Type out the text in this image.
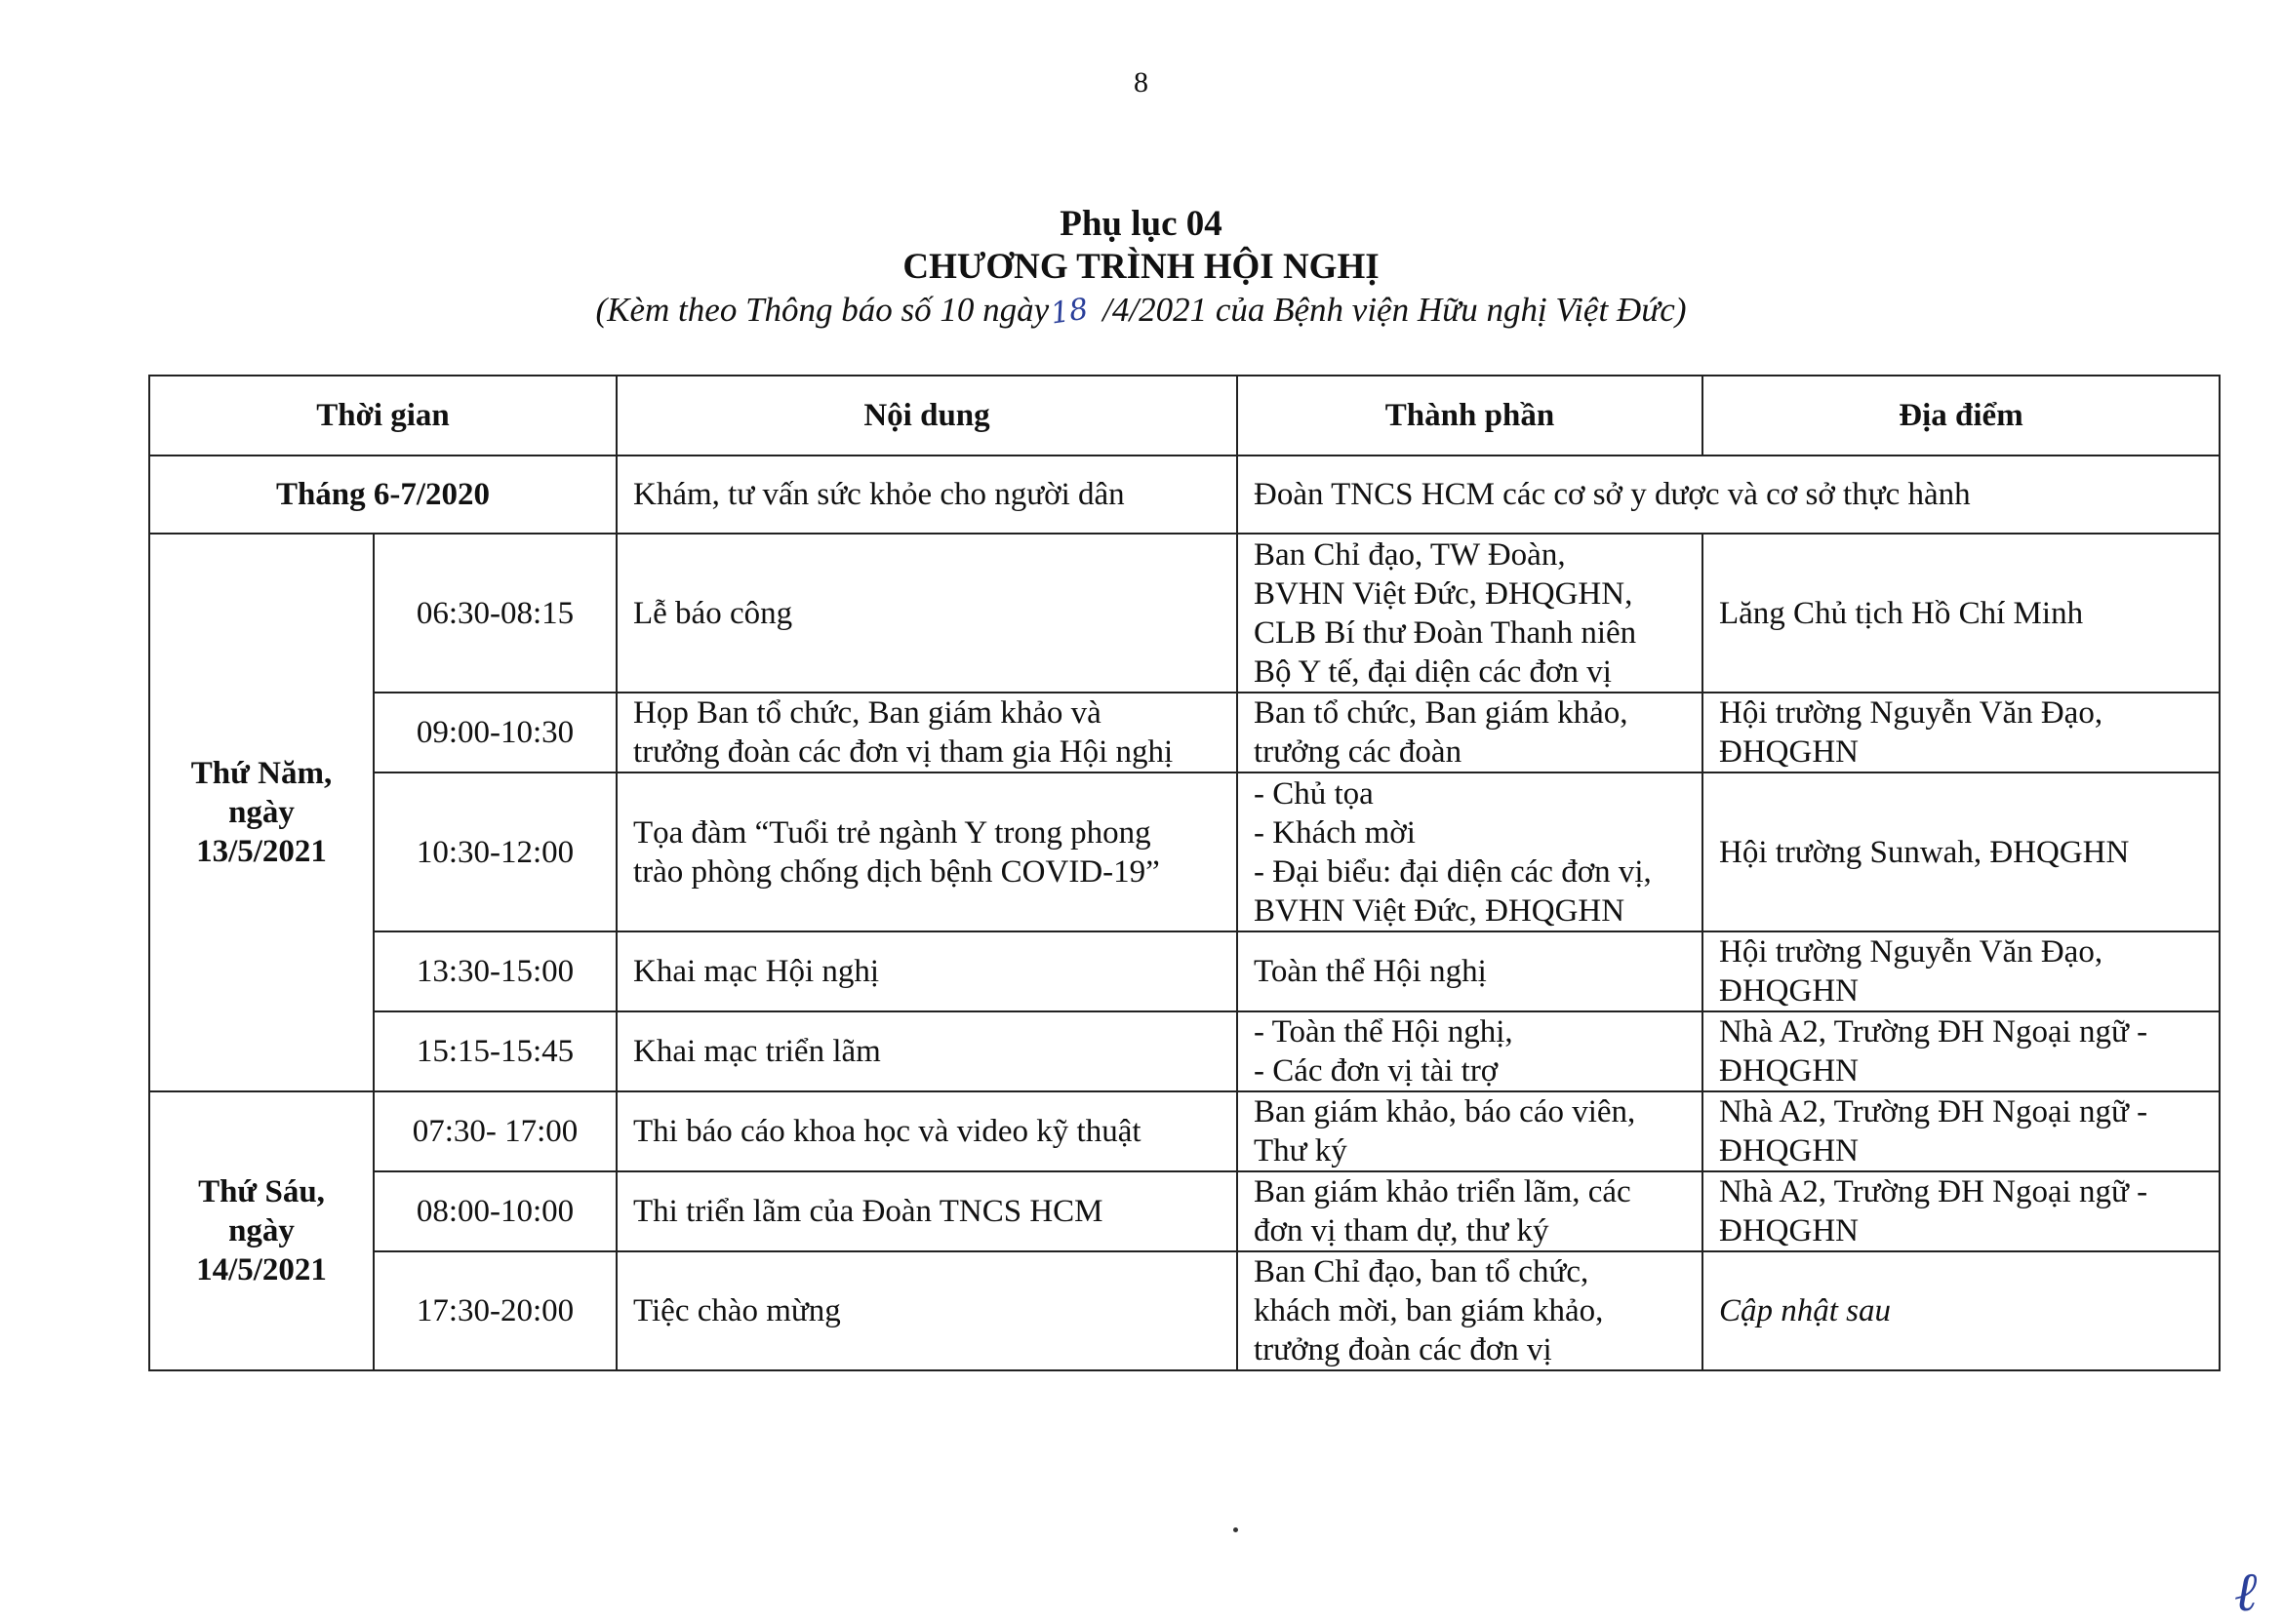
8
Phụ lục 04
CHƯƠNG TRÌNH HỘI NGHỊ
(Kèm theo Thông báo số 10 ngày18 /4/2021 của Bệnh viện Hữu nghị Việt Đức)
Thời gian		Nội dung	Thành phần	Địa điểm
Tháng 6-7/2020		Khám, tư vấn sức khỏe cho người dân	Đoàn TNCS HCM các cơ sở y dược và cơ sở thực hành	

Thứ Năm,
ngày
13/5/2021	06:30-08:15	Lễ báo công	Ban Chỉ đạo, TW Đoàn,
BVHN Việt Đức, ĐHQGHN,
CLB Bí thư Đoàn Thanh niên
Bộ Y tế, đại diện các đơn vị	Lăng Chủ tịch Hồ Chí Minh

	09:00-10:30	Họp Ban tổ chức, Ban giám khảo và
trưởng đoàn các đơn vị tham gia Hội nghị	Ban tổ chức, Ban giám khảo,
trưởng các đoàn	Hội trường Nguyễn Văn Đạo,
ĐHQGHN

	10:30-12:00	Tọa đàm “Tuổi trẻ ngành Y trong phong
trào phòng chống dịch bệnh COVID-19”	- Chủ tọa
- Khách mời
- Đại biểu: đại diện các đơn vị,
BVHN Việt Đức, ĐHQGHN	Hội trường Sunwah, ĐHQGHN

	13:30-15:00	Khai mạc Hội nghị	Toàn thể Hội nghị	Hội trường Nguyễn Văn Đạo,
ĐHQGHN

	15:15-15:45	Khai mạc triển lãm	- Toàn thể Hội nghị,
- Các đơn vị tài trợ	Nhà A2, Trường ĐH Ngoại ngữ -
ĐHQGHN

Thứ Sáu,
ngày
14/5/2021	07:30- 17:00	Thi báo cáo khoa học và video kỹ thuật	Ban giám khảo, báo cáo viên,
Thư ký	Nhà A2, Trường ĐH Ngoại ngữ -
ĐHQGHN

	08:00-10:00	Thi triển lãm của Đoàn TNCS HCM	Ban giám khảo triển lãm, các
đơn vị tham dự, thư ký	Nhà A2, Trường ĐH Ngoại ngữ -
ĐHQGHN

	17:30-20:00	Tiệc chào mừng	Ban Chỉ đạo, ban tổ chức,
khách mời, ban giám khảo,
trưởng đoàn các đơn vị	Cập nhật sau
ℓ
